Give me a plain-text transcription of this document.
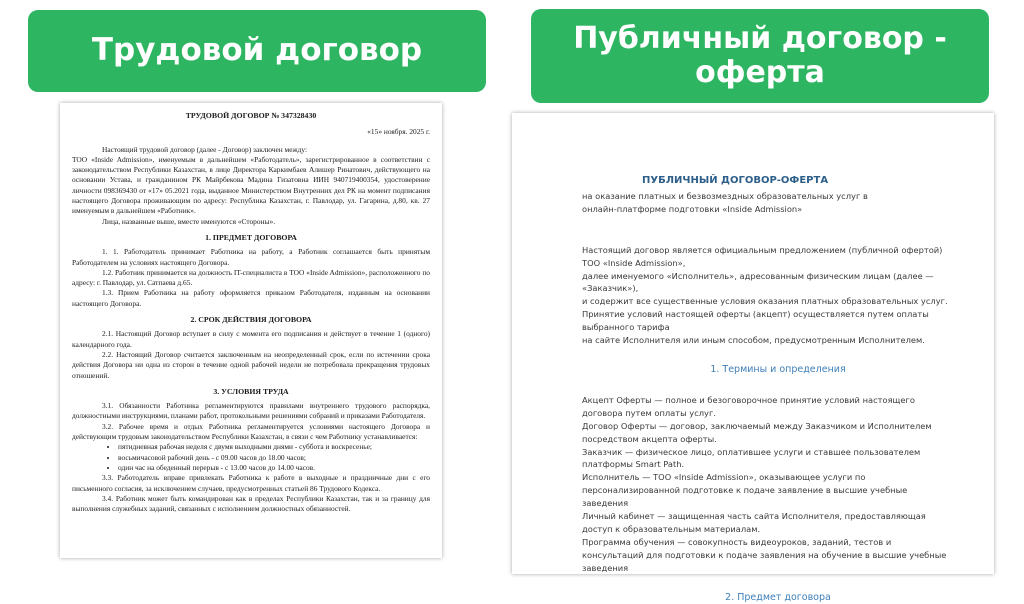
Трудовой договор	Публичный договор - оферта
ТРУДОВОЙ ДОГОВОР № 347328430
«15» ноября. 2025 г.

Настоящий трудовой договор (далее - Договор) заключен между:

ТОО «Inside Admission», именуемым в дальнейшем «Работодатель», зарегистрированное в соответствии с законодательством Республики Казахстан, в лице Директора Каркимбаев Алишер Ринатович, действующего на основании Устава, и гражданином РК Майрбекова Мадина Гизатовна ИИН 940719400354, удостоверение личности 098369430 от «17» 05.2021 года, выданное Министерством Внутренних дел РК на момент подписания настоящего Договора проживающим по адресу: Республика Казахстан, г. Павлодар, ул. Гагарина, д.80, кв. 27 именуемым в дальнейшем «Работник».

Лица, названные выше, вместе именуются «Стороны».

1. ПРЕДМЕТ ДОГОВОРА

1. 1. Работодатель принимает Работника на работу, а Работник соглашается быть принятым Работодателем на условиях настоящего Договора.

1.2. Работник принимается на должность IT-специалиста в ТОО «Inside Admission», расположенного по адресу: г. Павлодар, ул. Сатпаева д.65.

1.3. Прием Работника на работу оформляется приказом Работодателя, изданным на основании настоящего Договора.

2. СРОК ДЕЙСТВИЯ ДОГОВОРА

2.1. Настоящий Договор вступает в силу с момента его подписания и действует в течение 1 (одного) календарного года.

2.2. Настоящий Договор считается заключенным на неопределенный срок, если по истечении срока действия Договора ни одна из сторон в течение одной рабочей недели не потребовала прекращения трудовых отношений.

3. УСЛОВИЯ ТРУДА

3.1. Обязанности Работника регламентируются правилами внутреннего трудового распорядка, должностными инструкциями, планами работ, протокольными решениями собраний и приказами Работодателя.

3.2. Рабочее время и отдых Работника регламентируется условиями настоящего Договора и действующим трудовым законодательством Республики Казахстан, в связи с чем Работнику устанавливается:

• пятидневная рабочая неделя с двумя выходными днями - суббота и воскресенье;
• восьмичасовой рабочий день - с 09.00 часов до 18.00 часов;
• один час на обеденный перерыв - с 13.00 часов до 14.00 часов.

3.3. Работодатель вправе привлекать Работника к работе в выходные и праздничные дни с его письменного согласия, за исключением случаев, предусмотренных статьей 86 Трудового Кодекса.

3.4. Работник может быть командирован как в пределах Республики Казахстан, так и за границу для выполнения служебных заданий, связанных с исполнением должностных обязанностей.

ПУБЛИЧНЫЙ ДОГОВОР-ОФЕРТА

на оказание платных и безвозмездных образовательных услуг в

онлайн-платформе подготовки «Inside Admission»

Настоящий договор является официальным предложением (публичной офертой)

ТОО «Inside Admission»,

далее именуемого «Исполнитель», адресованным физическим лицам (далее —

«Заказчик»),

и содержит все существенные условия оказания платных образовательных услуг.

Принятие условий настоящей оферты (акцепт) осуществляется путем оплаты

выбранного тарифа

на сайте Исполнителя или иным способом, предусмотренным Исполнителем.

1. Термины и определения

Акцепт Оферты — полное и безоговорочное принятие условий настоящего

договора путем оплаты услуг.

Договор Оферты — договор, заключаемый между Заказчиком и Исполнителем

посредством акцепта оферты.

Заказчик — физическое лицо, оплатившее услуги и ставшее пользователем

платформы Smart Path.

Исполнитель — ТОО «Inside Admission», оказывающее услуги по

персонализированной подготовке к подаче заявление в высшие учебные

заведения

Личный кабинет — защищенная часть сайта Исполнителя, предоставляющая

доступ к образовательным материалам.

Программа обучения — совокупность видеоуроков, заданий, тестов и

консультаций для подготовки к подаче заявления на обучение в высшие учебные

заведения

2. Предмет договора
